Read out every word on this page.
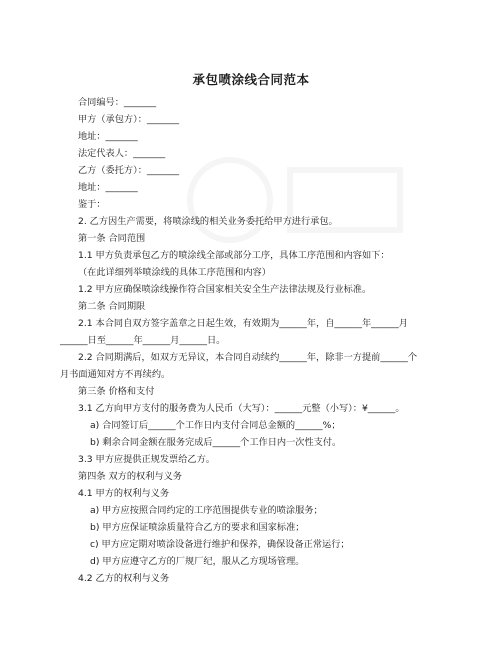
承包喷涂线合同范本
合同编号：_______
甲方（承包方）：_______
地址：_______
法定代表人：_______
乙方（委托方）：_______
地址：_______
鉴于：
2. 乙方因生产需要，将喷涂线的相关业务委托给甲方进行承包。
第一条 合同范围
1.1 甲方负责承包乙方的喷涂线全部或部分工序，具体工序范围和内容如下：
（在此详细列举喷涂线的具体工序范围和内容）
1.2 甲方应确保喷涂线操作符合国家相关安全生产法律法规及行业标准。
第二条 合同期限
2.1 本合同自双方签字盖章之日起生效，有效期为______年，自______年______月
______日至______年______月______日。
2.2 合同期满后，如双方无异议，本合同自动续约______年，除非一方提前______个
月书面通知对方不再续约。
第三条 价格和支付
3.1 乙方向甲方支付的服务费为人民币（大写）：______元整（小写）：¥______。
a) 合同签订后______个工作日内支付合同总金额的______%；
b) 剩余合同金额在服务完成后______个工作日内一次性支付。
3.3 甲方应提供正规发票给乙方。
第四条 双方的权利与义务
4.1 甲方的权利与义务
a) 甲方应按照合同约定的工序范围提供专业的喷涂服务；
b) 甲方应保证喷涂质量符合乙方的要求和国家标准；
c) 甲方应定期对喷涂设备进行维护和保养，确保设备正常运行；
d) 甲方应遵守乙方的厂规厂纪，服从乙方现场管理。
4.2 乙方的权利与义务
